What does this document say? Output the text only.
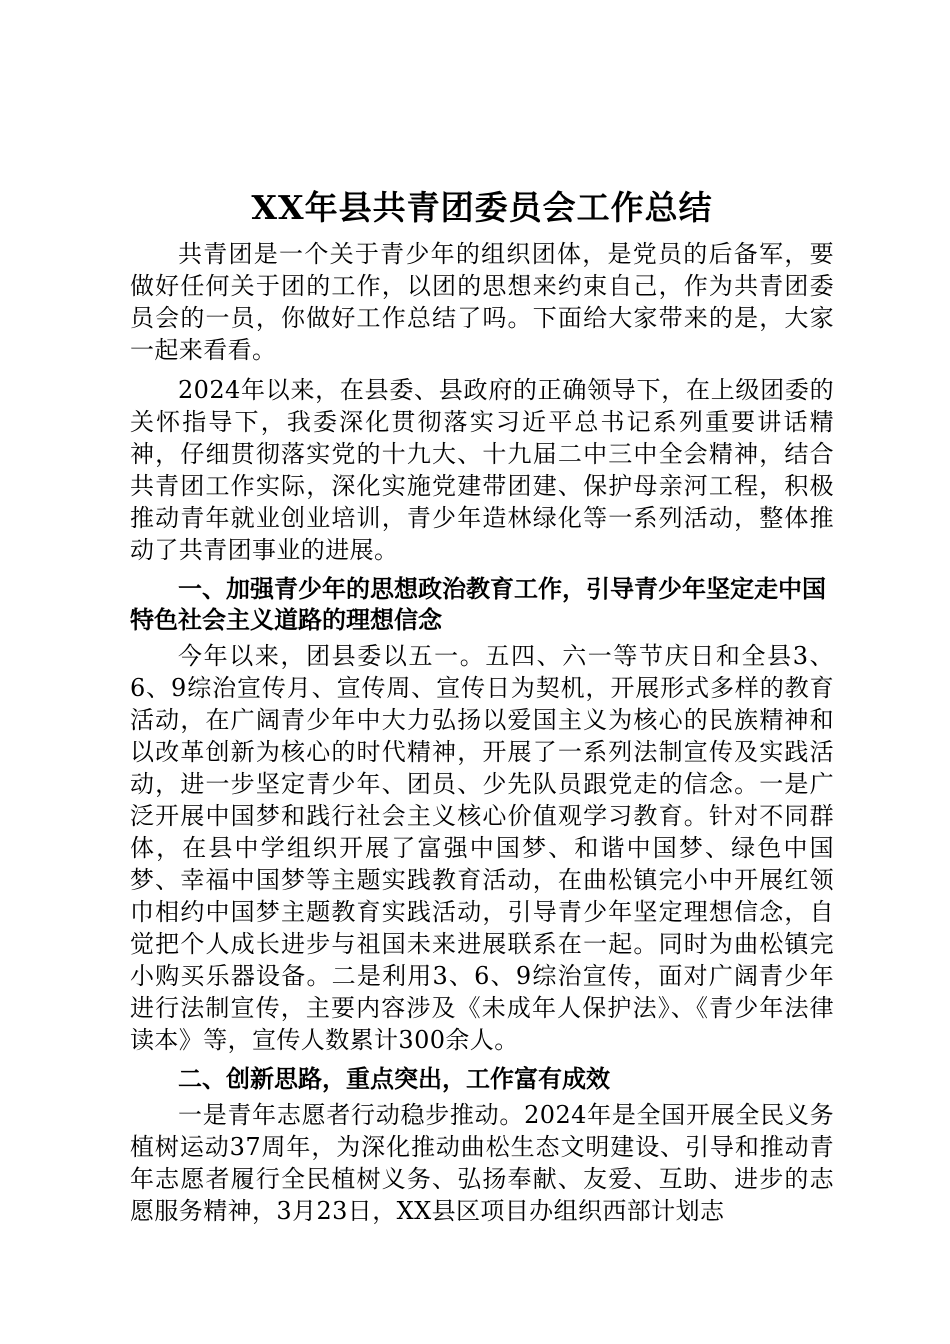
XX年县共青团委员会工作总结

共青团是一个关于青少年的组织团体，是党员的后备军，要做好任何关于团的工作，以团的思想来约束自己，作为共青团委员会的一员，你做好工作总结了吗。下面给大家带来的是，大家一起来看看。

2024年以来，在县委、县政府的正确领导下，在上级团委的关怀指导下，我委深化贯彻落实习近平总书记系列重要讲话精神，仔细贯彻落实党的十九大、十九届二中三中全会精神，结合共青团工作实际，深化实施党建带团建、保护母亲河工程，积极推动青年就业创业培训，青少年造林绿化等一系列活动，整体推动了共青团事业的进展。

一、加强青少年的思想政治教育工作，引导青少年坚定走中国特色社会主义道路的理想信念

今年以来，团县委以五一。五四、六一等节庆日和全县3、6、9综治宣传月、宣传周、宣传日为契机，开展形式多样的教育活动，在广阔青少年中大力弘扬以爱国主义为核心的民族精神和以改革创新为核心的时代精神，开展了一系列法制宣传及实践活动，进一步坚定青少年、团员、少先队员跟党走的信念。一是广泛开展中国梦和践行社会主义核心价值观学习教育。针对不同群体，在县中学组织开展了富强中国梦、和谐中国梦、绿色中国梦、幸福中国梦等主题实践教育活动，在曲松镇完小中开展红领巾相约中国梦主题教育实践活动，引导青少年坚定理想信念，自觉把个人成长进步与祖国未来进展联系在一起。同时为曲松镇完小购买乐器设备。二是利用3、6、9综治宣传，面对广阔青少年进行法制宣传，主要内容涉及《未成年人保护法》、《青少年法律读本》等，宣传人数累计300余人。

二、创新思路，重点突出，工作富有成效

一是青年志愿者行动稳步推动。2024年是全国开展全民义务植树运动37周年，为深化推动曲松生态文明建设、引导和推动青年志愿者履行全民植树义务、弘扬奉献、友爱、互助、进步的志愿服务精神，3月23日，XX县区项目办组织西部计划志
